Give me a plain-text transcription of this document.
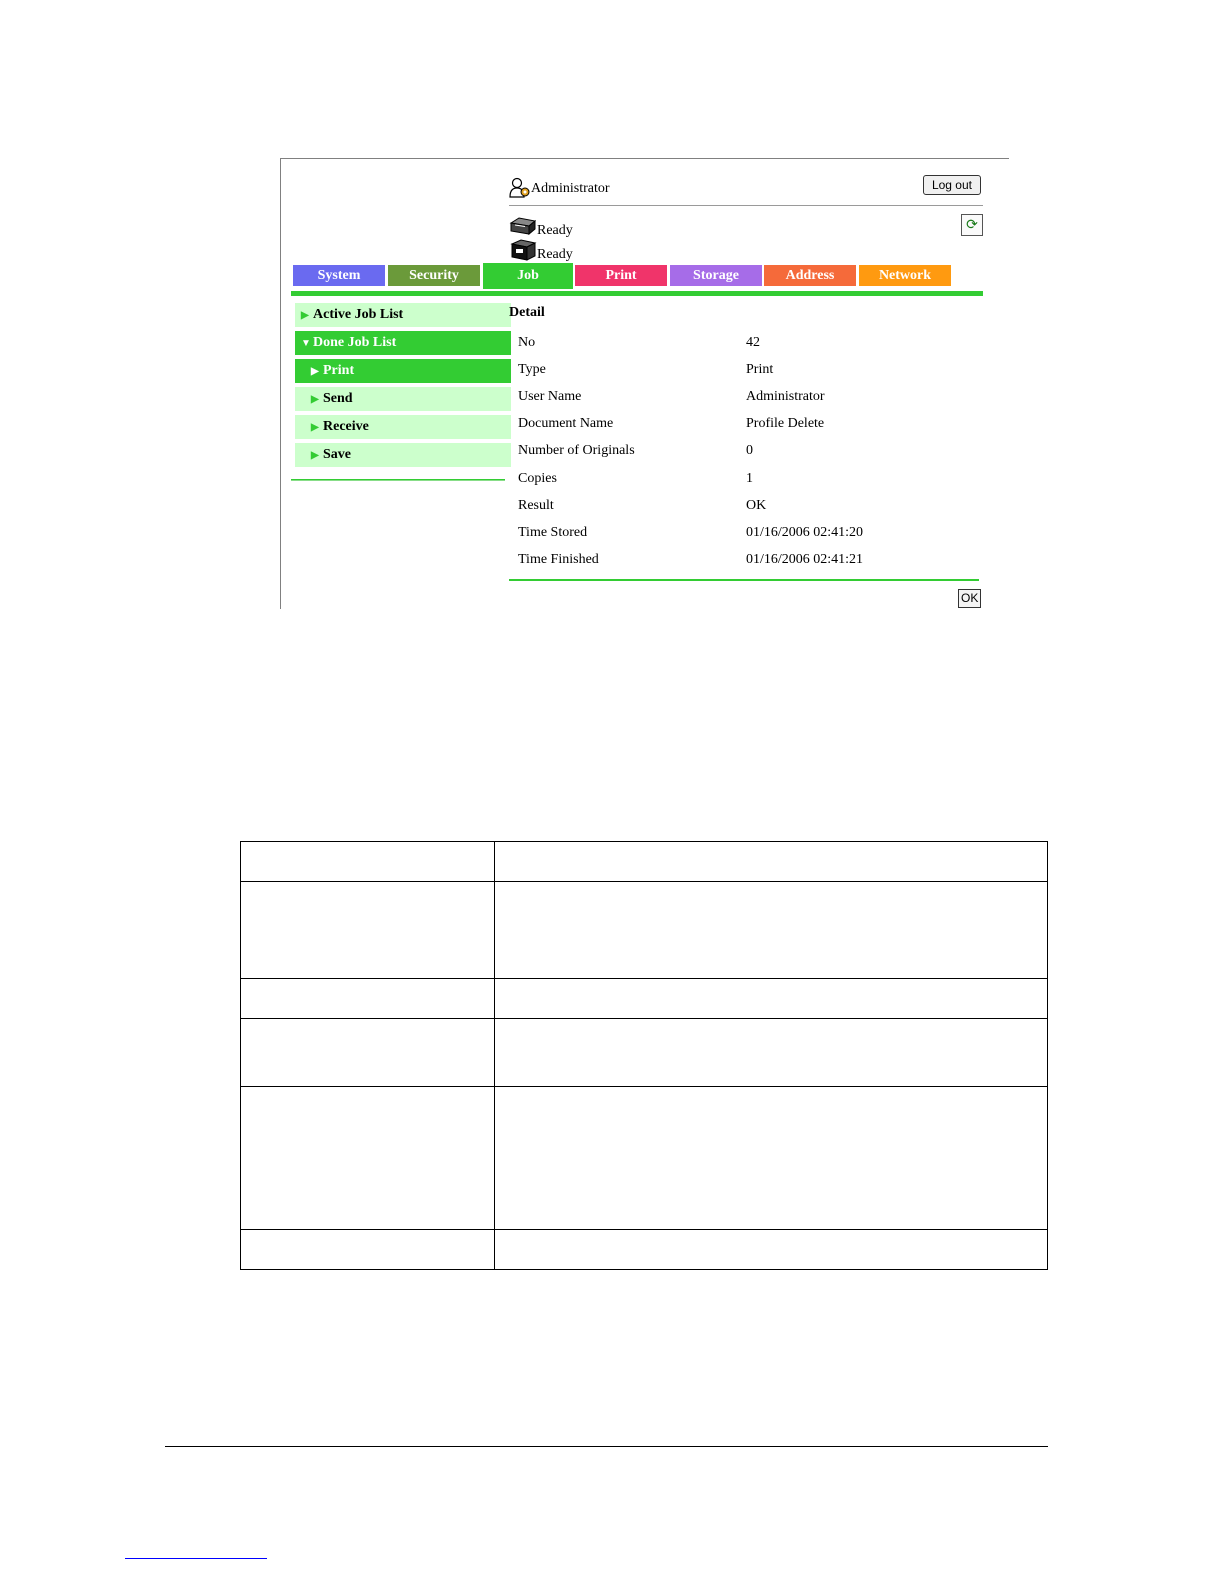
Administrator	Log out
Ready
Ready
⟳
System	Security	Job	Print	Storage	Address	Network
▶ Active Job List
▼ Done Job List
▶ Print
▶ Send
▶ Receive
▶ Save
Detail
No	42
Type	Print
User Name	Administrator
Document Name	Profile Delete
Number of Originals	0
Copies	1
Result	OK
Time Stored	01/16/2006 02:41:20
Time Finished	01/16/2006 02:41:21
OK
